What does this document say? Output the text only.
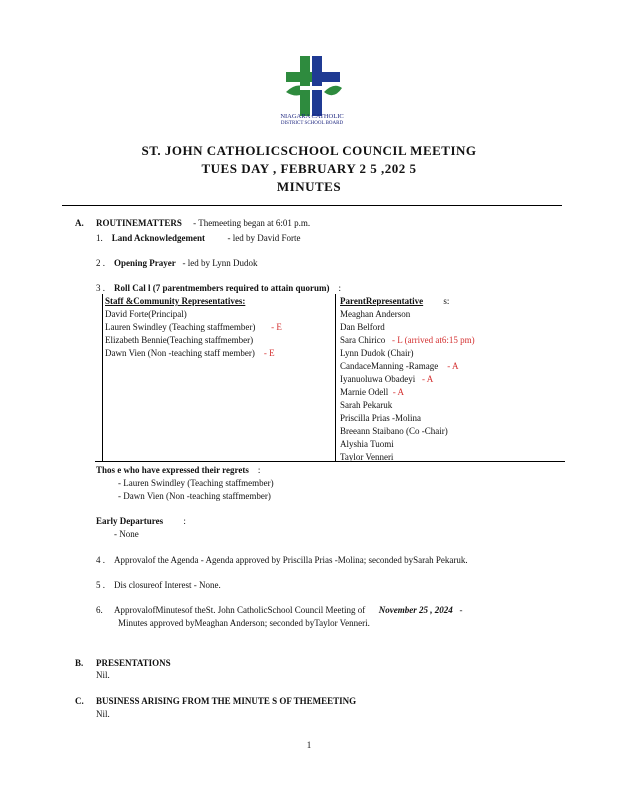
NIAGARA CATHOLIC
DISTRICT SCHOOL BOARD
ST. JOHN CATHOLICSCHOOL COUNCIL MEETING
TUES DAY , FEBRUARY 2 5 ,202 5
MINUTES
A. ROUTINEMATTERS - Themeeting began at 6:01 p.m.
1. Land Acknowledgement	- led by David Forte
2 . Opening Prayer - led by Lynn Dudok
3 . Roll Cal l (7 parentmembers required to attain quorum) :
Staff &Community Representatives:	ParentRepresentative s:
David Forte(Principal)
Lauren Swindley (Teaching staffmember) - E
Elizabeth Bennie(Teaching staffmember)
Dawn Vien (Non -teaching staff member) - E
Meaghan Anderson
Dan Belford
Sara Chirico - L (arrived at6:15 pm)
Lynn Dudok (Chair)
CandaceManning -Ramage - A
Iyanuoluwa Obadeyi - A
Marnie Odell - A
Sarah Pekaruk
Priscilla Prias -Molina
Breeann Staibano (Co -Chair)
Alyshia Tuomi
Taylor Venneri
Thos e who have expressed their regrets :
- Lauren Swindley (Teaching staffmember)
- Dawn Vien (Non -teaching staffmember)
Early Departures :
- None
4 . Approvalof the Agenda - Agenda approved by Priscilla Prias -Molina; seconded bySarah Pekaruk.
5 . Dis closureof Interest - None.
6. ApprovalofMinutesof theSt. John CatholicSchool Council Meeting of November 25 , 2024 -
Minutes approved byMeaghan Anderson; seconded byTaylor Venneri.
B. PRESENTATIONS
Nil.
C. BUSINESS ARISING FROM THE MINUTE S OF THEMEETING
Nil.
1
